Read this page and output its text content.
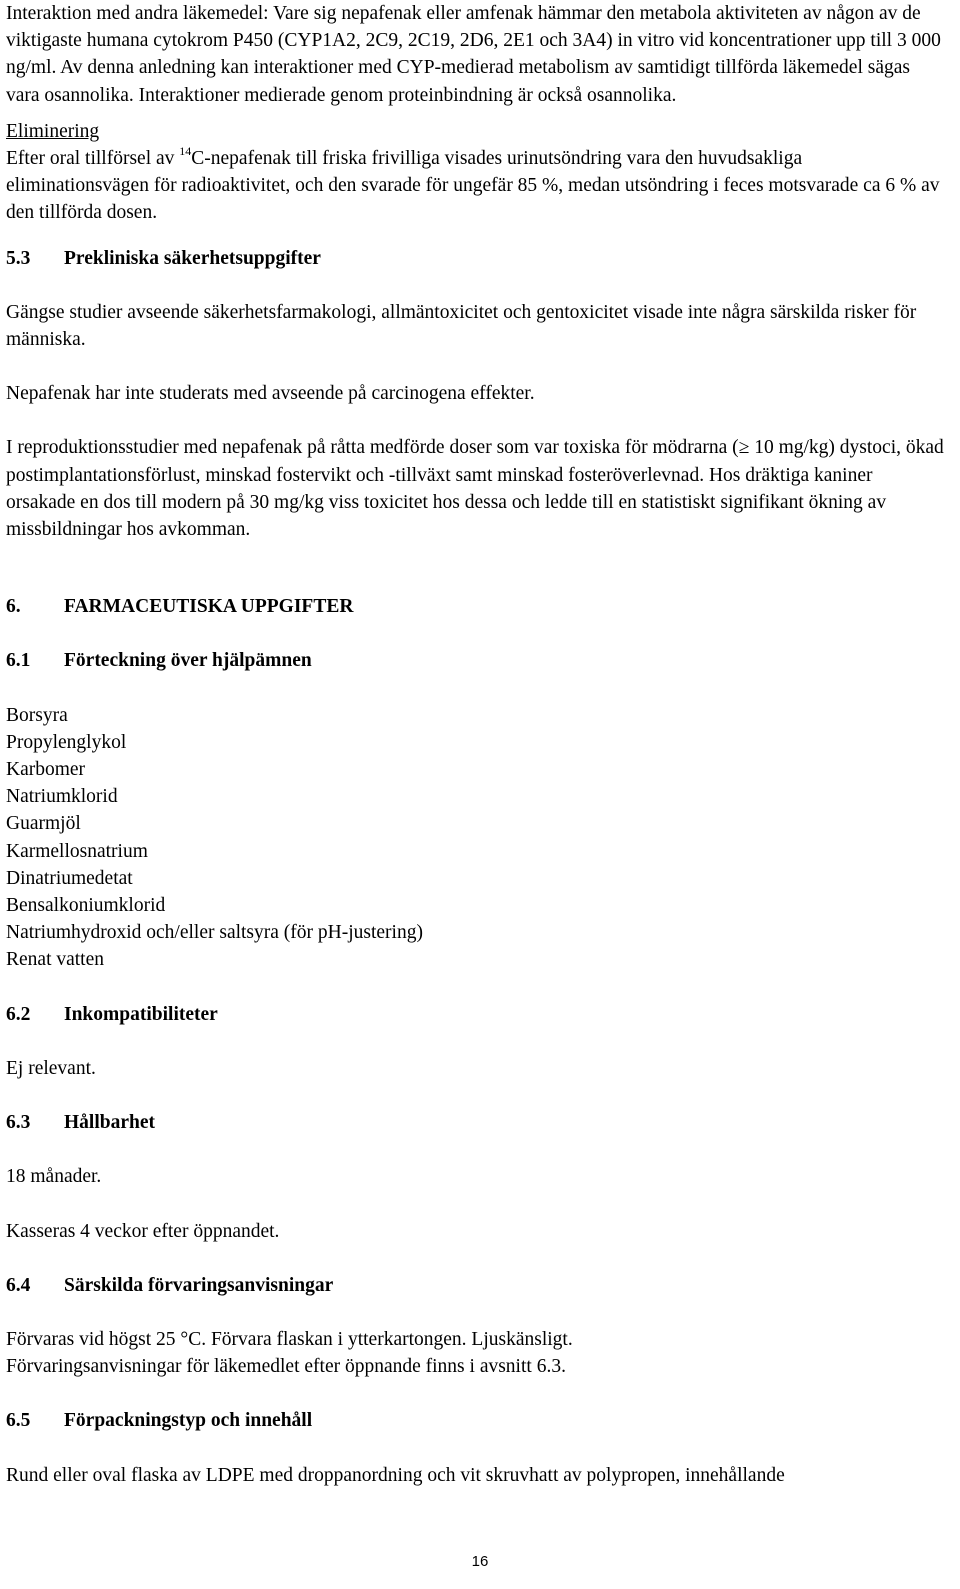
Interaktion med andra läkemedel: Vare sig nepafenak eller amfenak hämmar den metabola aktiviteten av någon av de viktigaste humana cytokrom P450 (CYP1A2, 2C9, 2C19, 2D6, 2E1 och 3A4) in vitro vid koncentrationer upp till 3 000 ng/ml. Av denna anledning kan interaktioner med CYP-medierad metabolism av samtidigt tillförda läkemedel sägas vara osannolika. Interaktioner medierade genom proteinbindning är också osannolika.

Eliminering

Efter oral tillförsel av $^{14}$C-nepafenak till friska frivilliga visades urinutsöndring vara den huvudsakliga eliminationsvägen för radioaktivitet, och den svarade för ungefär 85 %, medan utsöndring i feces motsvarade ca 6 % av den tillförda dosen.

5.3	Prekliniska säkerhetsuppgifter

Gängse studier avseende säkerhetsfarmakologi, allmäntoxicitet och gentoxicitet visade inte några särskilda risker för människa.

Nepafenak har inte studerats med avseende på carcinogena effekter.

I reproduktionsstudier med nepafenak på råtta medförde doser som var toxiska för mödrarna (≥ 10 mg/kg) dystoci, ökad postimplantationsförlust, minskad fostervikt och -tillväxt samt minskad fosteröverlevnad. Hos dräktiga kaniner orsakade en dos till modern på 30 mg/kg viss toxicitet hos dessa och ledde till en statistiskt signifikant ökning av missbildningar hos avkomman.

6.	FARMACEUTISKA UPPGIFTER
6.1	Förteckning över hjälpämnen
Borsyra
Propylenglykol
Karbomer
Natriumklorid
Guarmjöl
Karmellosnatrium
Dinatriumedetat
Bensalkoniumklorid
Natriumhydroxid och/eller saltsyra (för pH-justering)
Renat vatten
6.2	Inkompatibiliteter

Ej relevant.

6.3	Hållbarhet

18 månader.

Kasseras 4 veckor efter öppnandet.

6.4	Särskilda förvaringsanvisningar

Förvaras vid högst 25 °C. Förvara flaskan i ytterkartongen. Ljuskänsligt.

Förvaringsanvisningar för läkemedlet efter öppnande finns i avsnitt 6.3.

6.5	Förpackningstyp och innehåll

Rund eller oval flaska av LDPE med droppanordning och vit skruvhatt av polypropen, innehållande

16
